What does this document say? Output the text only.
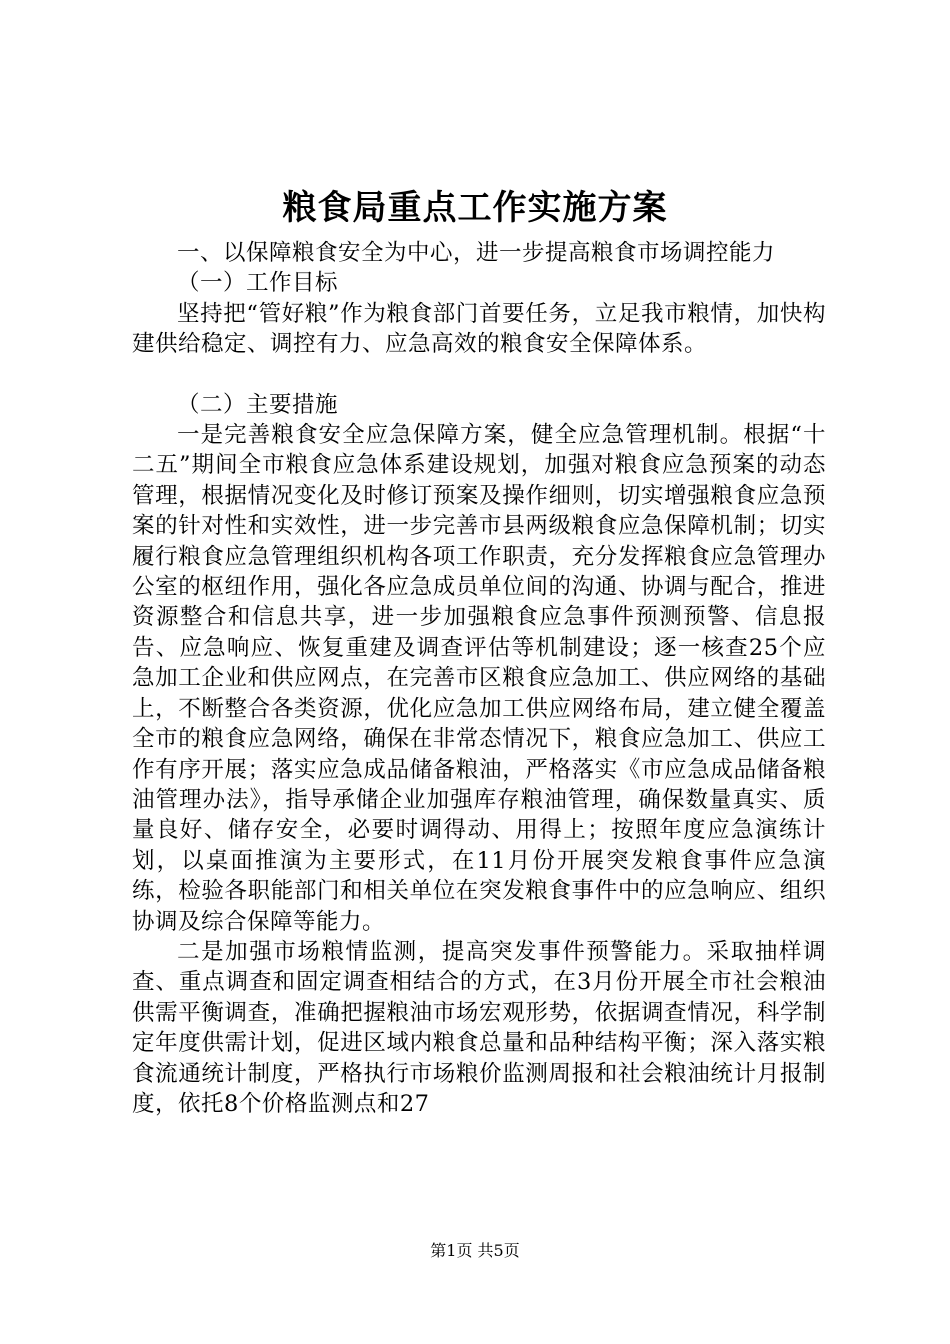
粮食局重点工作实施方案

一、以保障粮食安全为中心，进一步提高粮食市场调控能力

（一）工作目标

坚持把“管好粮”作为粮食部门首要任务，立足我市粮情，加快构建供给稳定、调控有力、应急高效的粮食安全保障体系。

（二）主要措施

一是完善粮食安全应急保障方案，健全应急管理机制。根据“十二五”期间全市粮食应急体系建设规划，加强对粮食应急预案的动态管理，根据情况变化及时修订预案及操作细则，切实增强粮食应急预案的针对性和实效性，进一步完善市县两级粮食应急保障机制；切实履行粮食应急管理组织机构各项工作职责，充分发挥粮食应急管理办公室的枢纽作用，强化各应急成员单位间的沟通、协调与配合，推进资源整合和信息共享，进一步加强粮食应急事件预测预警、信息报告、应急响应、恢复重建及调查评估等机制建设；逐一核查25个应急加工企业和供应网点，在完善市区粮食应急加工、供应网络的基础上，不断整合各类资源，优化应急加工供应网络布局，建立健全覆盖全市的粮食应急网络，确保在非常态情况下，粮食应急加工、供应工作有序开展；落实应急成品储备粮油，严格落实《市应急成品储备粮油管理办法》，指导承储企业加强库存粮油管理，确保数量真实、质量良好、储存安全，必要时调得动、用得上；按照年度应急演练计划，以桌面推演为主要形式，在11月份开展突发粮食事件应急演练，检验各职能部门和相关单位在突发粮食事件中的应急响应、组织协调及综合保障等能力。

二是加强市场粮情监测，提高突发事件预警能力。采取抽样调查、重点调查和固定调查相结合的方式，在3月份开展全市社会粮油供需平衡调查，准确把握粮油市场宏观形势，依据调查情况，科学制定年度供需计划，促进区域内粮食总量和品种结构平衡；深入落实粮食流通统计制度，严格执行市场粮价监测周报和社会粮油统计月报制度，依托8个价格监测点和27

第1页 共5页
